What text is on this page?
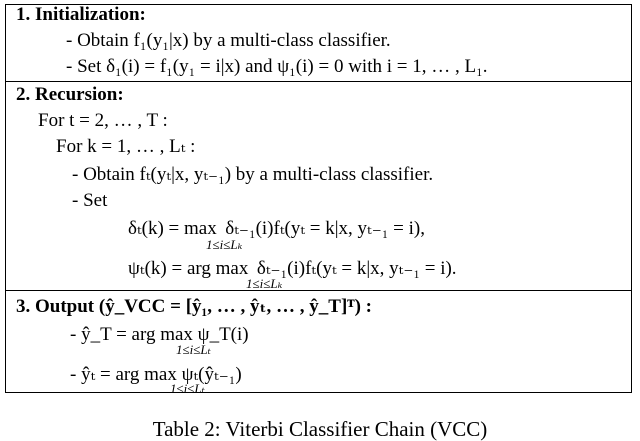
1. Initialization:
- Obtain f₁(y₁|x) by a multi-class classifier.
- Set δ₁(i) = f₁(y₁ = i|x) and ψ₁(i) = 0 with i = 1, … , L₁.
2. Recursion:
For t = 2, … , T :
For k = 1, … , Lₜ :
- Obtain fₜ(yₜ|x, yₜ₋₁) by a multi-class classifier.
- Set
δₜ(k) = max  δₜ₋₁(i)fₜ(yₜ = k|x, yₜ₋₁ = i),
1≤i≤Lₖ
ψₜ(k) = arg max  δₜ₋₁(i)fₜ(yₜ = k|x, yₜ₋₁ = i).
1≤i≤Lₖ
3. Output (ŷ_VCC = [ŷ₁, … , ŷₜ, … , ŷ_T]ᵀ) :
- ŷ_T = arg max ψ_T(i)
1≤i≤Lₜ
- ŷₜ = arg max ψₜ(ŷₜ₋₁)
1≤i≤Lₜ
Table 2: Viterbi Classifier Chain (VCC)
